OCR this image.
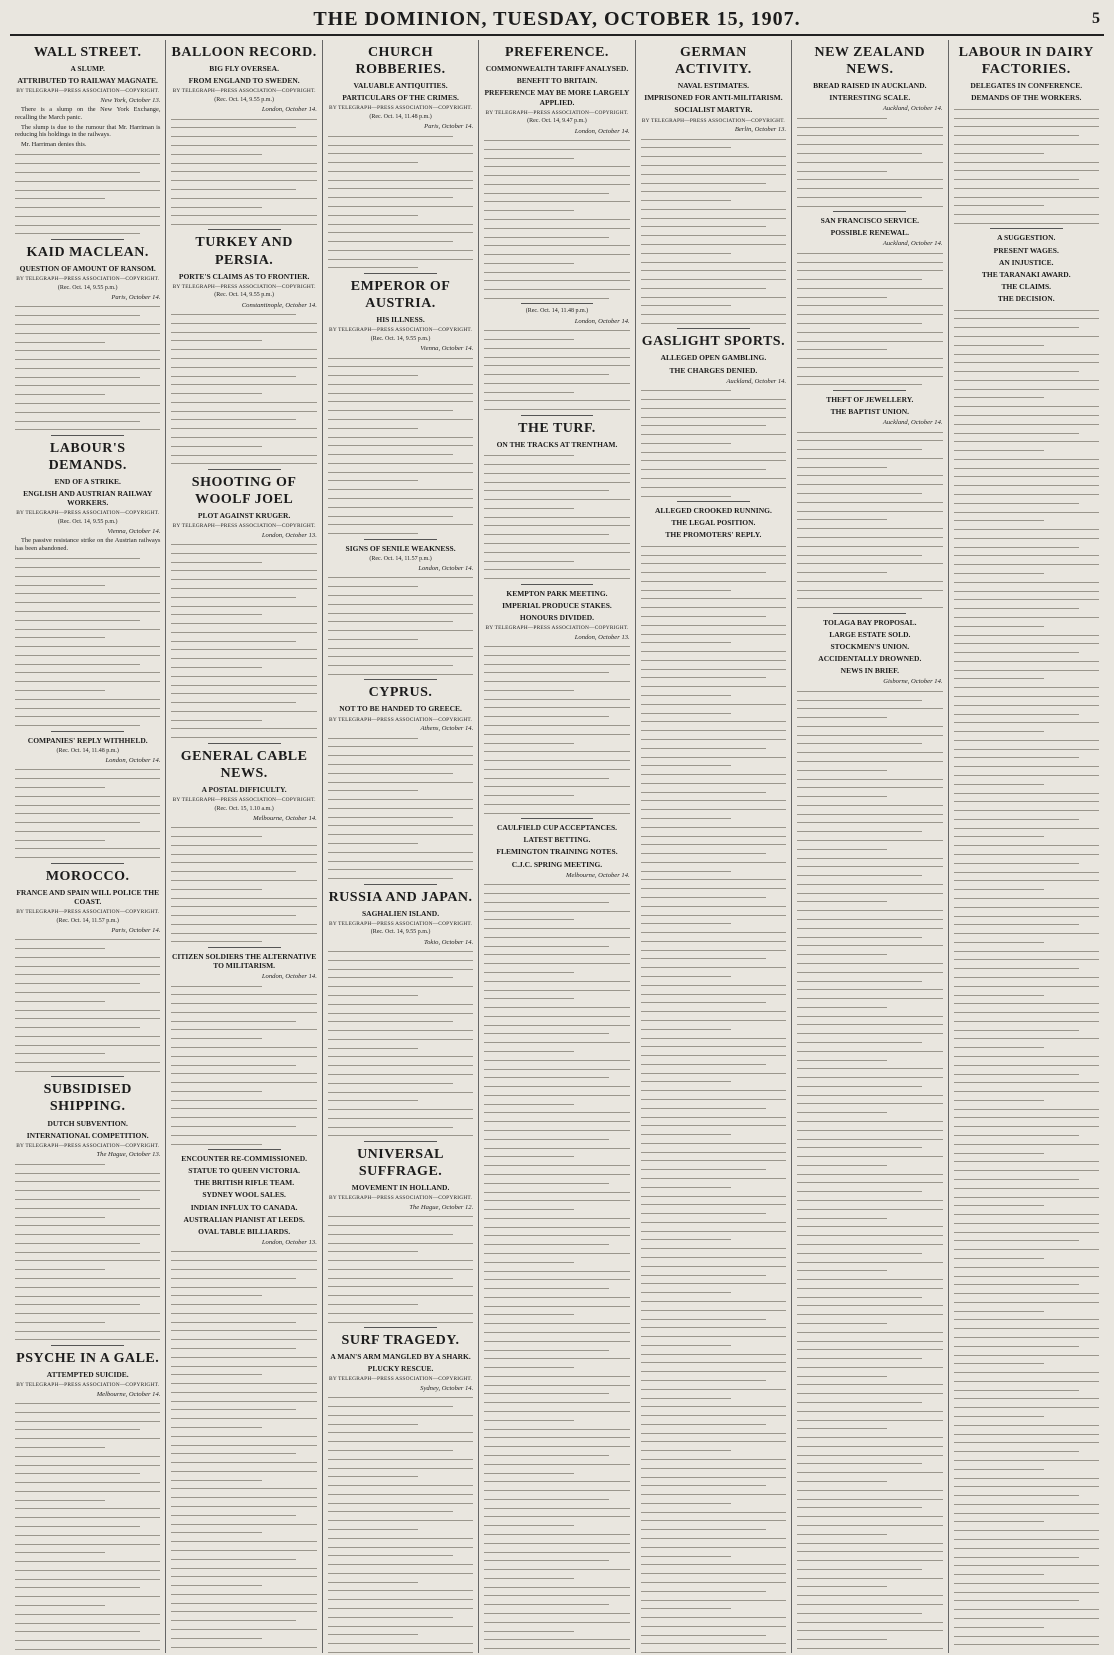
THE DOMINION, TUESDAY, OCTOBER 15, 1907.	5
WALL STREET.
A SLUMP.
ATTRIBUTED TO RAILWAY MAGNATE.
BY TELEGRAPH—PRESS ASSOCIATION—COPYRIGHT.
New York, October 13.

There is a slump on the New York Exchange, recalling the March panic.

The slump is due to the rumour that Mr. Harriman is reducing his holdings in the railways.

Mr. Harriman denies this.

KAID MACLEAN.
QUESTION OF AMOUNT OF RANSOM.
BY TELEGRAPH—PRESS ASSOCIATION—COPYRIGHT.
(Rec. Oct. 14, 9.55 p.m.)
Paris, October 14.
LABOUR'S DEMANDS.
END OF A STRIKE.
ENGLISH AND AUSTRIAN RAILWAY WORKERS.
BY TELEGRAPH—PRESS ASSOCIATION—COPYRIGHT.
(Rec. Oct. 14, 9.55 p.m.)
Vienna, October 14.

The passive resistance strike on the Austrian railways has been abandoned.

COMPANIES' REPLY WITHHELD.
(Rec. Oct. 14, 11.48 p.m.)
London, October 14.
MOROCCO.
FRANCE AND SPAIN WILL POLICE THE COAST.
BY TELEGRAPH—PRESS ASSOCIATION—COPYRIGHT.
(Rec. Oct. 14, 11.57 p.m.)
Paris, October 14.
SUBSIDISED SHIPPING.
DUTCH SUBVENTION.
INTERNATIONAL COMPETITION.
BY TELEGRAPH—PRESS ASSOCIATION—COPYRIGHT.
The Hague, October 13.
PSYCHE IN A GALE.
ATTEMPTED SUICIDE.
BY TELEGRAPH—PRESS ASSOCIATION—COPYRIGHT.
Melbourne, October 14.
BALLOON RECORD.
BIG FLY OVERSEA.
FROM ENGLAND TO SWEDEN.
BY TELEGRAPH—PRESS ASSOCIATION—COPYRIGHT.
(Rec. Oct. 14, 9.55 p.m.)
London, October 14.
TURKEY AND PERSIA.
PORTE'S CLAIMS AS TO FRONTIER.
BY TELEGRAPH—PRESS ASSOCIATION—COPYRIGHT.
(Rec. Oct. 14, 9.55 p.m.)
Constantinople, October 14.
SHOOTING OF WOOLF JOEL
PLOT AGAINST KRUGER.
BY TELEGRAPH—PRESS ASSOCIATION—COPYRIGHT.
London, October 13.
GENERAL CABLE NEWS.
A POSTAL DIFFICULTY.
BY TELEGRAPH—PRESS ASSOCIATION—COPYRIGHT.
(Rec. Oct. 15, 1.10 a.m.)
Melbourne, October 14.
CITIZEN SOLDIERS THE ALTERNATIVE TO MILITARISM.
London, October 14.
ENCOUNTER RE-COMMISSIONED.
STATUE TO QUEEN VICTORIA.
THE BRITISH RIFLE TEAM.
SYDNEY WOOL SALES.
INDIAN INFLUX TO CANADA.
AUSTRALIAN PIANIST AT LEEDS.
OVAL TABLE BILLIARDS.
London, October 13.
CHURCH ROBBERIES.
VALUABLE ANTIQUITIES.
PARTICULARS OF THE CRIMES.
BY TELEGRAPH—PRESS ASSOCIATION—COPYRIGHT.
(Rec. Oct. 14, 11.48 p.m.)
Paris, October 14.
EMPEROR OF AUSTRIA.
HIS ILLNESS.
BY TELEGRAPH—PRESS ASSOCIATION—COPYRIGHT.
(Rec. Oct. 14, 9.55 p.m.)
Vienna, October 14.
SIGNS OF SENILE WEAKNESS.
(Rec. Oct. 14, 11.57 p.m.)
London, October 14.
CYPRUS.
NOT TO BE HANDED TO GREECE.
BY TELEGRAPH—PRESS ASSOCIATION—COPYRIGHT.
Athens, October 14.
RUSSIA AND JAPAN.
SAGHALIEN ISLAND.
BY TELEGRAPH—PRESS ASSOCIATION—COPYRIGHT.
(Rec. Oct. 14, 9.55 p.m.)
Tokio, October 14.
UNIVERSAL SUFFRAGE.
MOVEMENT IN HOLLAND.
BY TELEGRAPH—PRESS ASSOCIATION—COPYRIGHT.
The Hague, October 12.
SURF TRAGEDY.
A MAN'S ARM MANGLED BY A SHARK.
PLUCKY RESCUE.
BY TELEGRAPH—PRESS ASSOCIATION—COPYRIGHT.
Sydney, October 14.
PREFERENCE.
COMMONWEALTH TARIFF ANALYSED.
BENEFIT TO BRITAIN.
PREFERENCE MAY BE MORE LARGELY APPLIED.
BY TELEGRAPH—PRESS ASSOCIATION—COPYRIGHT.
(Rec. Oct. 14, 9.47 p.m.)
London, October 14.
(Rec. Oct. 14, 11.48 p.m.)
London, October 14.
THE TURF.
ON THE TRACKS AT TRENTHAM.
KEMPTON PARK MEETING.
IMPERIAL PRODUCE STAKES.
HONOURS DIVIDED.
BY TELEGRAPH—PRESS ASSOCIATION—COPYRIGHT.
London, October 13.
CAULFIELD CUP ACCEPTANCES.
LATEST BETTING.
FLEMINGTON TRAINING NOTES.
C.J.C. SPRING MEETING.
Melbourne, October 14.
GERMAN ACTIVITY.
NAVAL ESTIMATES.
IMPRISONED FOR ANTI-MILITARISM.
SOCIALIST MARTYR.
BY TELEGRAPH—PRESS ASSOCIATION—COPYRIGHT.
Berlin, October 13.
GASLIGHT SPORTS.
ALLEGED OPEN GAMBLING.
THE CHARGES DENIED.
Auckland, October 14.
ALLEGED CROOKED RUNNING.
THE LEGAL POSITION.
THE PROMOTERS' REPLY.
NEW ZEALAND NEWS.
BREAD RAISED IN AUCKLAND.
INTERESTING SCALE.
Auckland, October 14.
SAN FRANCISCO SERVICE.
POSSIBLE RENEWAL.
Auckland, October 14.
THEFT OF JEWELLERY.
THE BAPTIST UNION.
Auckland, October 14.
TOLAGA BAY PROPOSAL.
LARGE ESTATE SOLD.
STOCKMEN'S UNION.
ACCIDENTALLY DROWNED.
NEWS IN BRIEF.
Gisborne, October 14.
LABOUR IN DAIRY FACTORIES.
DELEGATES IN CONFERENCE.
DEMANDS OF THE WORKERS.
A SUGGESTION.
PRESENT WAGES.
AN INJUSTICE.
THE TARANAKI AWARD.
THE CLAIMS.
THE DECISION.
